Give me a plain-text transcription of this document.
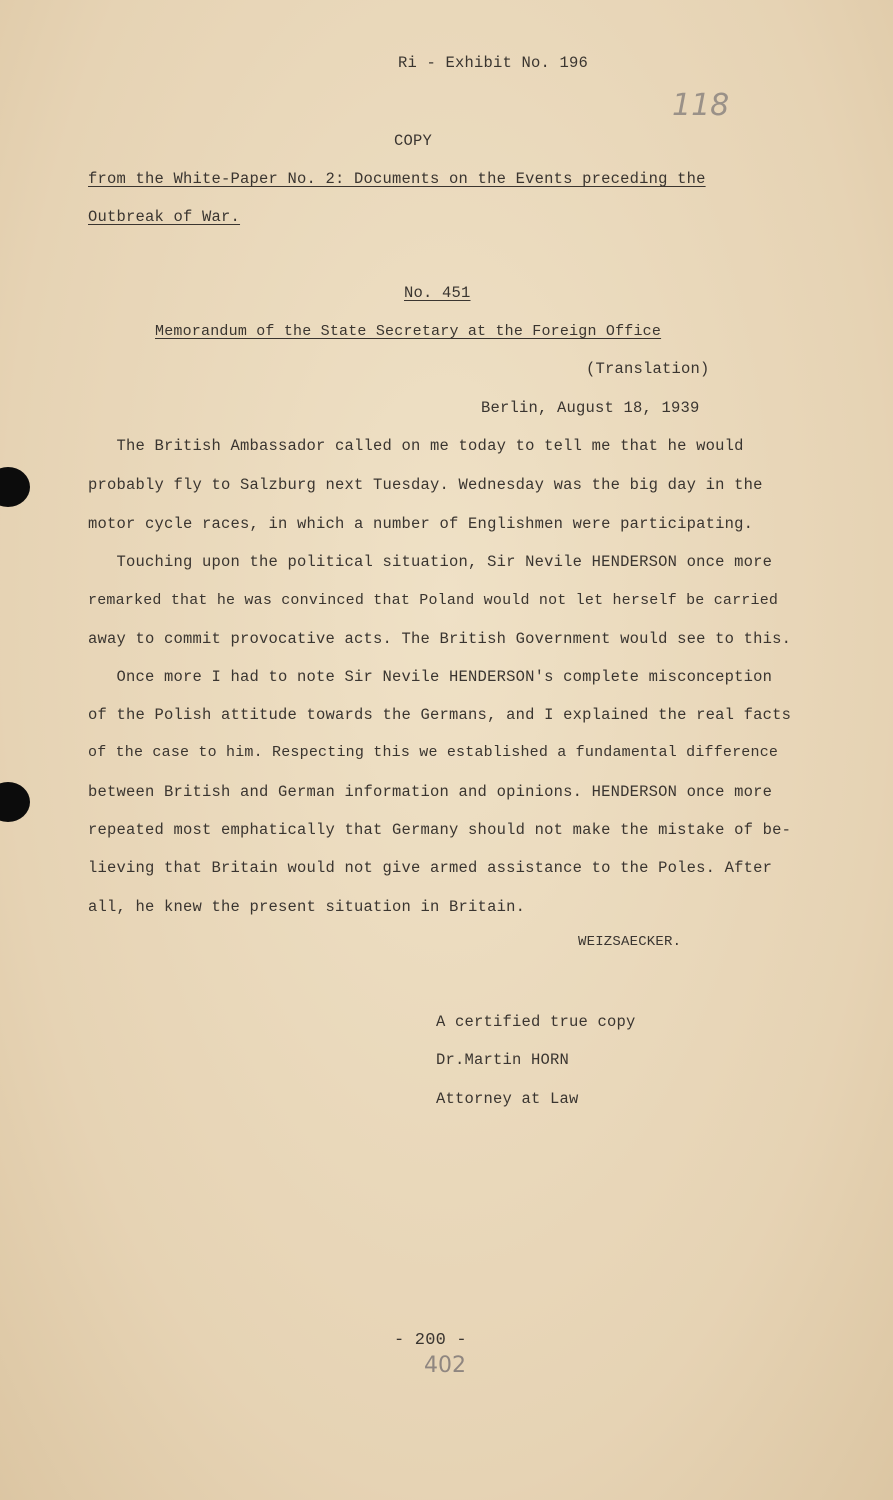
Ri - Exhibit No. 196
118
COPY
from the White-Paper No. 2: Documents on the Events preceding the
Outbreak of War.
No. 451
Memorandum of the State Secretary at the Foreign Office
(Translation)
Berlin, August 18, 1939
The British Ambassador called on me today to tell me that he would
probably fly to Salzburg next Tuesday. Wednesday was the big day in the
motor cycle races, in which a number of Englishmen were participating.
Touching upon the political situation, Sir Nevile HENDERSON once more
remarked that he was convinced that Poland would not let herself be carried
away to commit provocative acts. The British Government would see to this.
Once more I had to note Sir Nevile HENDERSON's complete misconception
of the Polish attitude towards the Germans, and I explained the real facts
of the case to him. Respecting this we established a fundamental difference
between British and German information and opinions. HENDERSON once more
repeated most emphatically that Germany should not make the mistake of be-
lieving that Britain would not give armed assistance to the Poles. After
all, he knew the present situation in Britain.
WEIZSAECKER.
A certified true copy
Dr.Martin HORN
Attorney at Law
- 200 -
402
